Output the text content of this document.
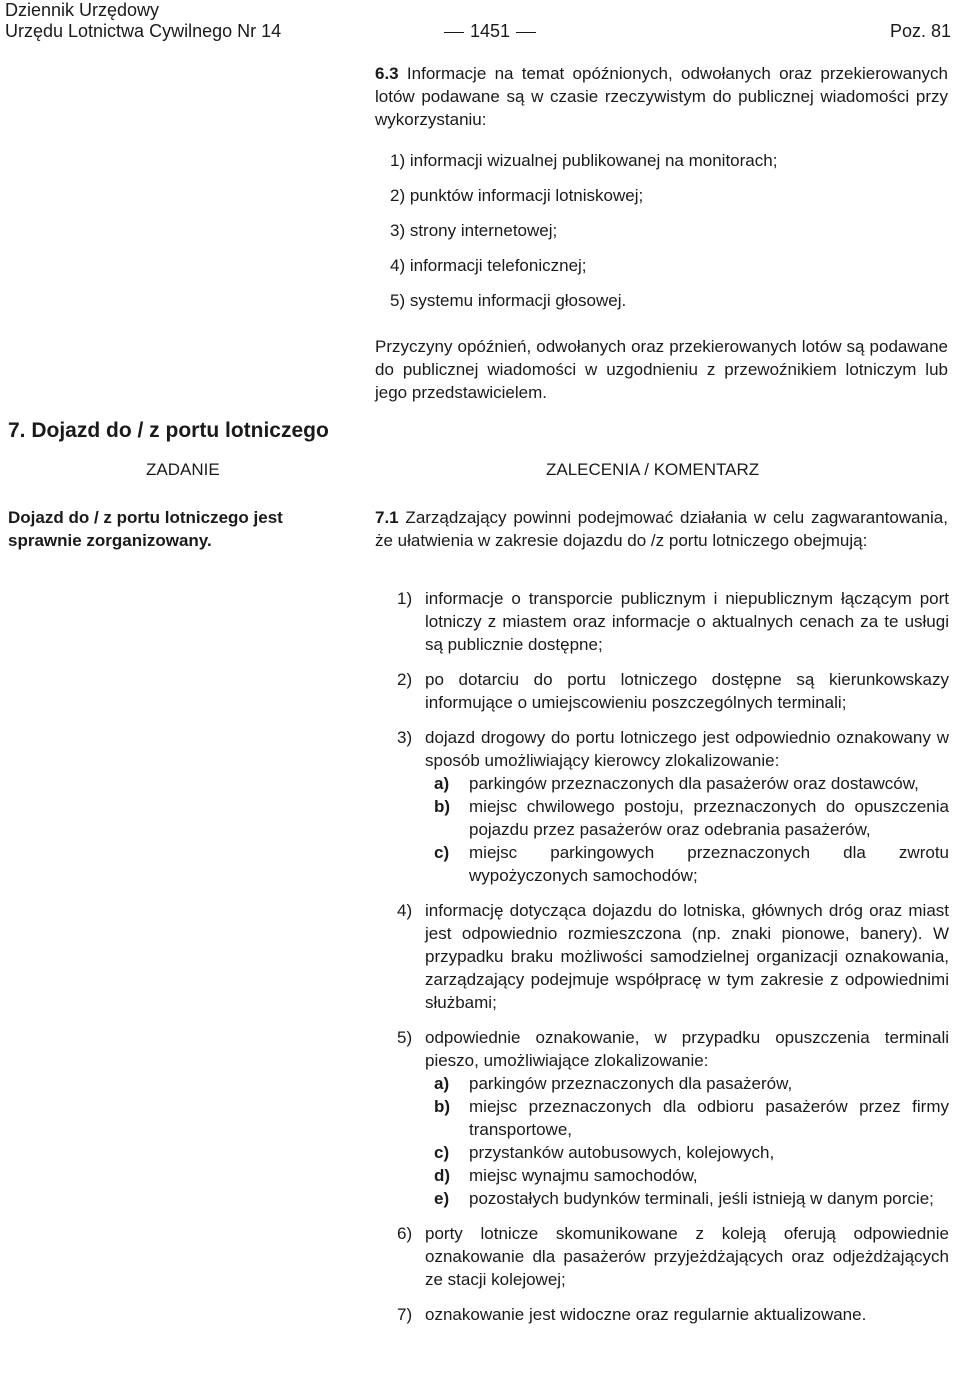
Dziennik Urzędowy
Urzędu Lotnictwa Cywilnego Nr 14	1451	Poz. 81

6.3 Informacje na temat opóźnionych, odwołanych oraz przekierowanych lotów podawane są w czasie rzeczywistym do publicznej wiadomości przy wykorzystaniu:

1) informacji wizualnej publikowanej na monitorach;
2) punktów informacji lotniskowej;
3) strony internetowej;
4) informacji telefonicznej;
5) systemu informacji głosowej.

Przyczyny opóźnień, odwołanych oraz przekierowanych lotów są podawane do publicznej wiadomości w uzgodnieniu z przewoźnikiem lotniczym lub jego przedstawicielem.

7. Dojazd do / z portu lotniczego
ZADANIE	ZALECENIA / KOMENTARZ
Dojazd do / z portu lotniczego jest sprawnie zorganizowany.

7.1 Zarządzający powinni podejmować działania w celu zagwarantowania, że ułatwienia w zakresie dojazdu do /z portu lotniczego obejmują:

1) informacje o transporcie publicznym i niepublicznym łączącym port lotniczy z miastem oraz informacje o aktualnych cenach za te usługi są publicznie dostępne;
2) po dotarciu do portu lotniczego dostępne są kierunkowskazy informujące o umiejscowieniu poszczególnych terminali;
3) dojazd drogowy do portu lotniczego jest odpowiednio oznakowany w sposób umożliwiający kierowcy zlokalizowanie:
a) parkingów przeznaczonych dla pasażerów oraz dostawców,
b) miejsc chwilowego postoju, przeznaczonych do opuszczenia pojazdu przez pasażerów oraz odebrania pasażerów,
c) miejsc parkingowych przeznaczonych dla zwrotu wypożyczonych samochodów;
4) informację dotycząca dojazdu do lotniska, głównych dróg oraz miast jest odpowiednio rozmieszczona (np. znaki pionowe, banery). W przypadku braku możliwości samodzielnej organizacji oznakowania, zarządzający podejmuje współpracę w tym zakresie z odpowiednimi służbami;
5) odpowiednie oznakowanie, w przypadku opuszczenia terminali pieszo, umożliwiające zlokalizowanie:
a) parkingów przeznaczonych dla pasażerów,
b) miejsc przeznaczonych dla odbioru pasażerów przez firmy transportowe,
c) przystanków autobusowych, kolejowych,
d) miejsc wynajmu samochodów,
e) pozostałych budynków terminali, jeśli istnieją w danym porcie;
6) porty lotnicze skomunikowane z koleją oferują odpowiednie oznakowanie dla pasażerów przyjeżdżających oraz odjeżdżających ze stacji kolejowej;
7) oznakowanie jest widoczne oraz regularnie aktualizowane.
